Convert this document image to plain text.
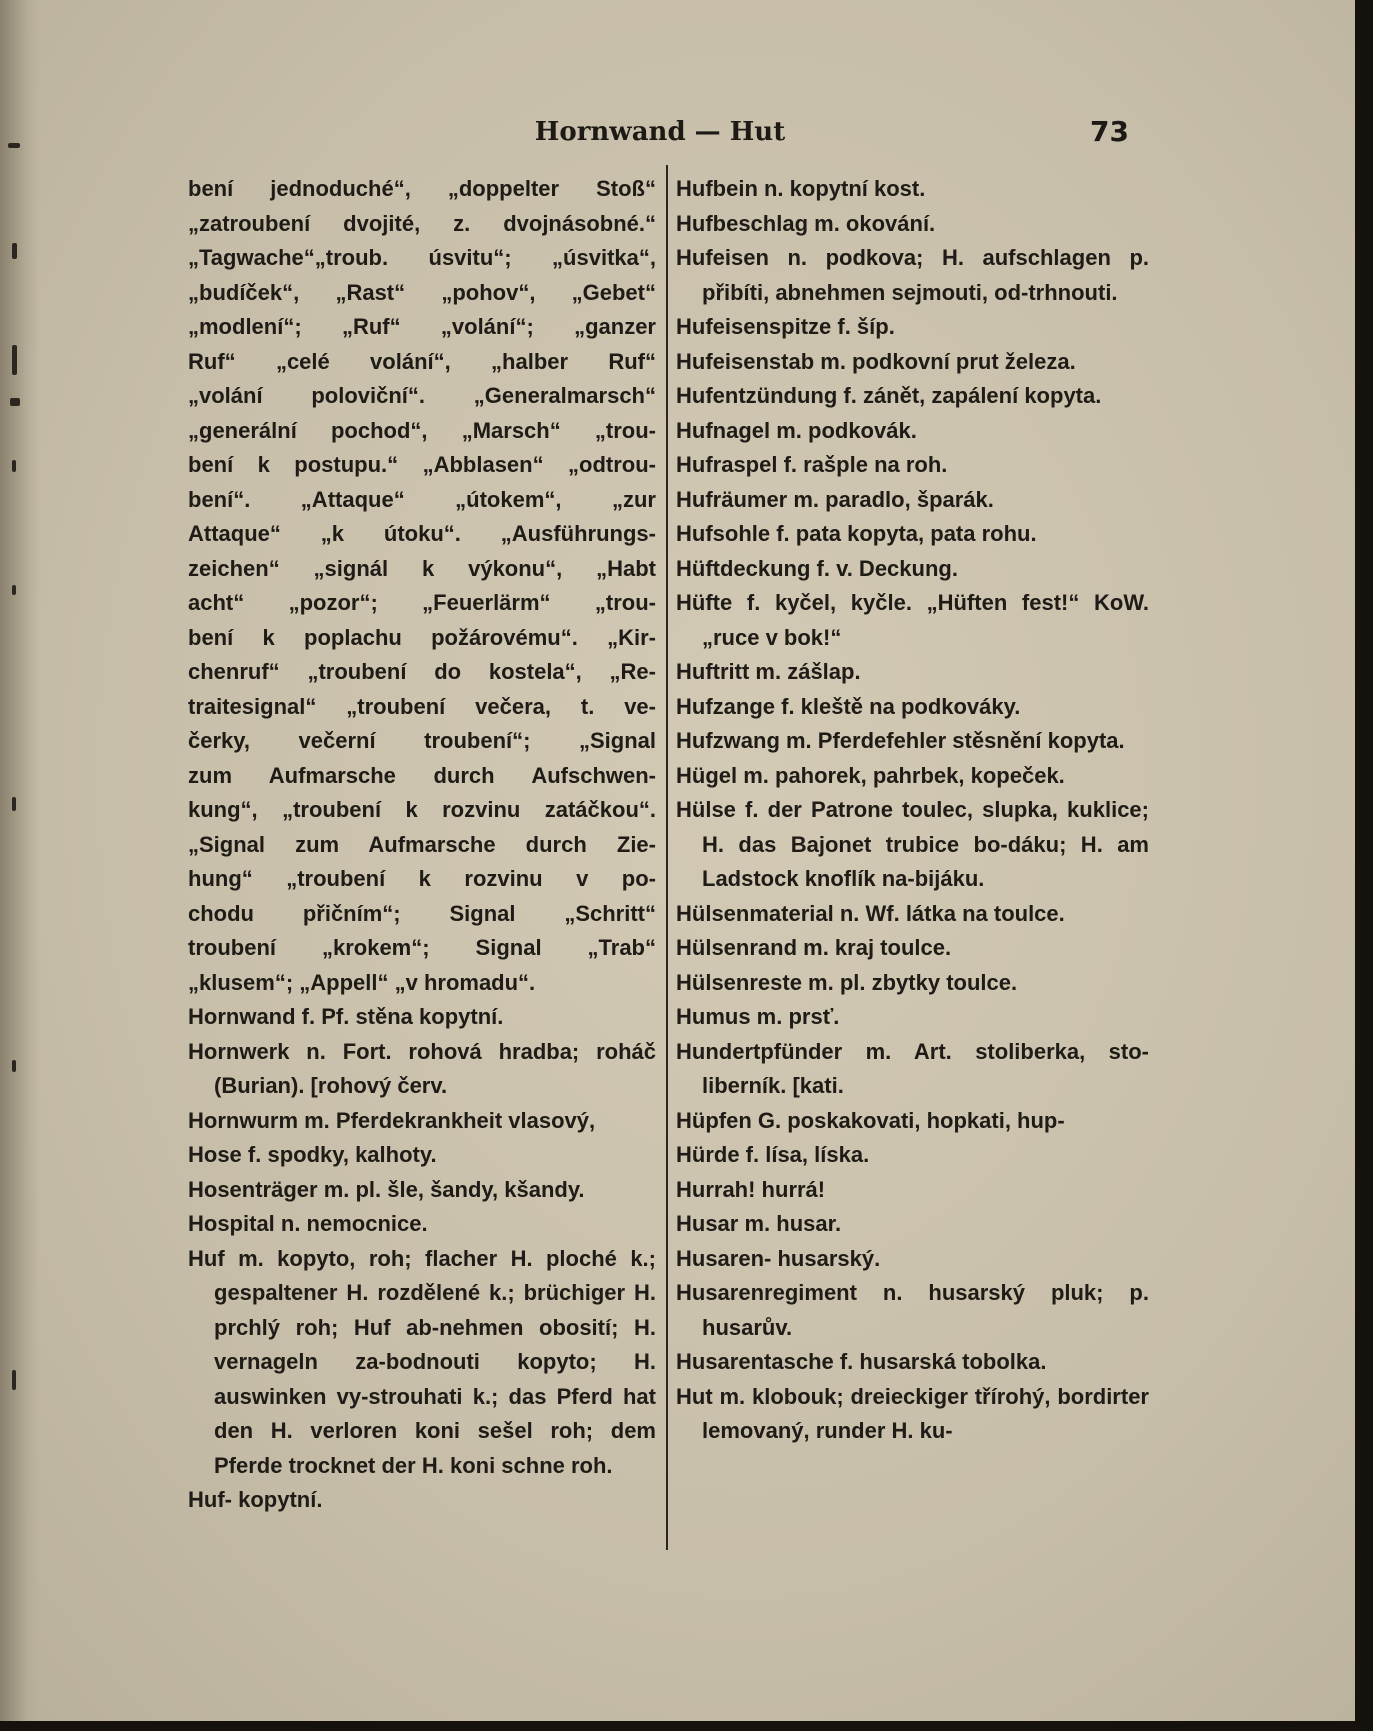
Hornwand — Hut	73

bení jednoduché“, „doppelter Stoß“

„zatroubení dvojité, z. dvojnásobné.“

„Tagwache“„troub. úsvitu“; „úsvitka“,

„budíček“, „Rast“ „pohov“, „Gebet“

„modlení“; „Ruf“ „volání“; „ganzer

Ruf“ „celé volání“, „halber Ruf“

„volání poloviční“. „Generalmarsch“

„generální pochod“, „Marsch“ „trou-

bení k postupu.“ „Abblasen“ „odtrou-

bení“. „Attaque“ „útokem“, „zur

Attaque“ „k útoku“. „Ausführungs-

zeichen“ „signál k výkonu“, „Habt

acht“ „pozor“; „Feuerlärm“ „trou-

bení k poplachu požárovému“. „Kir-

chenruf“ „troubení do kostela“, „Re-

traitesignal“ „troubení večera, t. ve-

čerky, večerní troubení“; „Signal

zum Aufmarsche durch Aufschwen-

kung“, „troubení k rozvinu zatáčkou“.

„Signal zum Aufmarsche durch Zie-

hung“ „troubení k rozvinu v po-

chodu přičním“; Signal „Schritt“

troubení „krokem“; Signal „Trab“

„klusem“; „Appell“ „v hromadu“.

Hornwand f. Pf. stěna kopytní.

Hornwerk n. Fort. rohová hradba; roháč (Burian). [rohový červ.

Hornwurm m. Pferdekrankheit vlasový,

Hose f. spodky, kalhoty.

Hosenträger m. pl. šle, šandy, kšandy.

Hospital n. nemocnice.

Huf m. kopyto, roh; flacher H. ploché k.; gespaltener H. rozdělené k.; brüchiger H. prchlý roh; Huf ab-nehmen obosití; H. vernageln za-bodnouti kopyto; H. auswinken vy-strouhati k.; das Pferd hat den H. verloren koni sešel roh; dem Pferde trocknet der H. koni schne roh.

Huf- kopytní.

Hufbein n. kopytní kost.

Hufbeschlag m. okování.

Hufeisen n. podkova; H. aufschlagen p. přibíti, abnehmen sejmouti, od-trhnouti.

Hufeisenspitze f. šíp.

Hufeisenstab m. podkovní prut železa.

Hufentzündung f. zánět, zapálení kopyta.

Hufnagel m. podkovák.

Hufraspel f. rašple na roh.

Hufräumer m. paradlo, šparák.

Hufsohle f. pata kopyta, pata rohu.

Hüftdeckung f. v. Deckung.

Hüfte f. kyčel, kyčle. „Hüften fest!“ KoW. „ruce v bok!“

Huftritt m. zášlap.

Hufzange f. kleště na podkováky.

Hufzwang m. Pferdefehler stěsnění kopyta.

Hügel m. pahorek, pahrbek, kopeček.

Hülse f. der Patrone toulec, slupka, kuklice; H. das Bajonet trubice bo-dáku; H. am Ladstock knoflík na-bijáku.

Hülsenmaterial n. Wf. látka na toulce.

Hülsenrand m. kraj toulce.

Hülsenreste m. pl. zbytky toulce.

Humus m. prsť.

Hundertpfünder m. Art. stoliberka, sto-liberník. [kati.

Hüpfen G. poskakovati, hopkati, hup-

Hürde f. lísa, líska.

Hurrah! hurrá!

Husar m. husar.

Husaren- husarský.

Husarenregiment n. husarský pluk; p. husarův.

Husarentasche f. husarská tobolka.

Hut m. klobouk; dreieckiger třírohý, bordirter lemovaný, runder H. ku-
